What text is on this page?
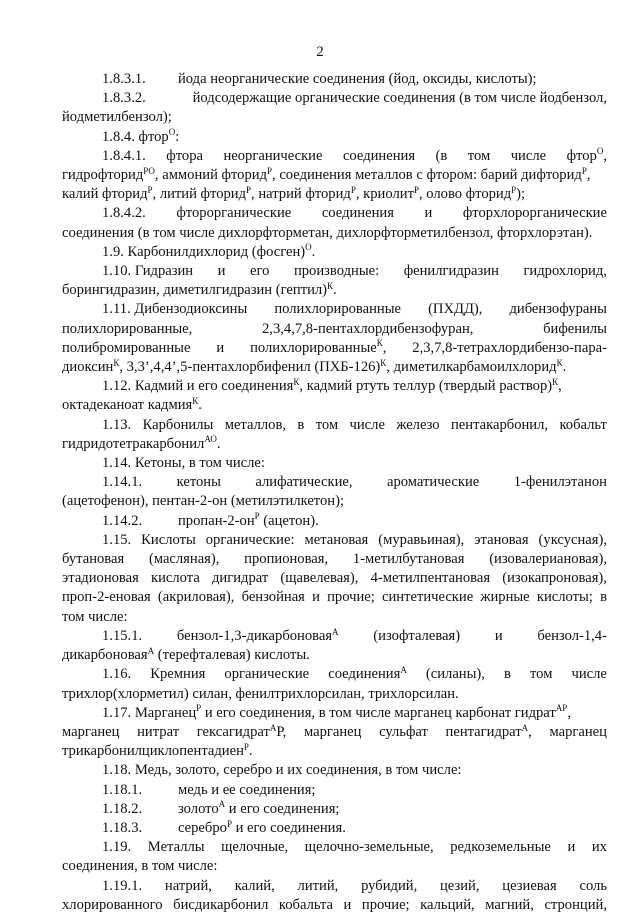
2
1.8.3.1. йода неорганические соединения (йод, оксиды, кислоты);
1.8.3.2.	йодсодержащие органические соединения (в том числе йодбензол,
йодметилбензол);
1.8.4. фтор$^О$:
1.8.4.1. фтора неорганические соединения (в том числе фтор$^О$,
гидрофторид$^{РО}$, аммоний фторид$^Р$, соединения металлов с фтором: барий дифторид$^Р$,
калий фторид$^Р$, литий фторид$^Р$, натрий фторид$^Р$, криолит$^Р$, олово фторид$^Р$);
1.8.4.2. фторорганические соединения и фторхлорорганические
соединения (в том числе дихлорфторметан, дихлорфторметилбензол, фторхлорэтан).
1.9. Карбонилдихлорид (фосген)$^О$.
1.10. Гидразин и его производные: фенилгидразин гидрохлорид,
борингидразин, диметилгидразин (гептил)$^К$.
1.11. Дибензодиоксины полихлорированные (ПХДД), дибензофураны
полихлорированные,	2,3,4,7,8-пентахлордибензофуран,	бифенилы
полибромированные и полихлорированные$^К$, 2,3,7,8-тетрахлордибензо-пара-
диоксин$^К$, 3,3’,4,4’,5-пентахлорбифенил $(ПХБ-126)^К$, диметилкарбамоилхлорид$^К$.
1.12. Кадмий и его соединения$^К$, кадмий ртуть теллур (твердый раствор)$^К$,
октадеканоат кадмия$^К$.
1.13. Карбонилы металлов, в том числе железо пентакарбонил, кобальт
гидридотетракарбонил$^{АО}$.
1.14. Кетоны, в том числе:
1.14.1. кетоны алифатические, ароматические 1-фенилэтанон
(ацетофенон), пентан-2-он (метилэтилкетон);
1.14.2. пропан-$2-он^Р$ (ацетон).
1.15. Кислоты органические: метановая (муравьиная), этановая (уксусная),
бутановая (масляная), пропионовая, 1-метилбутановая (изовалериановая),
этадионовая кислота дигидрат (щавелевая), 4-метилпентановая (изокапроновая),
проп-2-еновая (акриловая), бензойная и прочие; синтетические жирные кислоты; в
том числе:
1.15.1. бензол-1,3-дикарбоновая$^А$ (изофталевая) и бензол-1,4-
дикарбоновая$^А$ (терефталевая) кислоты.
1.16. Кремния органические соединения$^А$ (силаны), в том числе
трихлор(хлорметил) силан, фенилтрихлорсилан, трихлорсилан.
1.17. Марганец$^Р$ и его соединения, в том числе марганец карбонат гидрат$^{АР}$,
марганец нитрат гексагидрат$^А$Р, марганец сульфат пентагидрат$^А$, марганец
трикарбонилциклопентадиен$^Р$.
1.18. Медь, золото, серебро и их соединения, в том числе:
1.18.1. медь и ее соединения;
1.18.2. золото$^А$ и его соединения;
1.18.3. серебро$^Р$ и его соединения.
1.19. Металлы щелочные, щелочно-земельные, редкоземельные и их
соединения, в том числе:
1.19.1. натрий, калий, литий, рубидий, цезий, цезиевая соль
хлорированного бисдикарбонил кобальта и прочие; кальций, магний, стронций,
